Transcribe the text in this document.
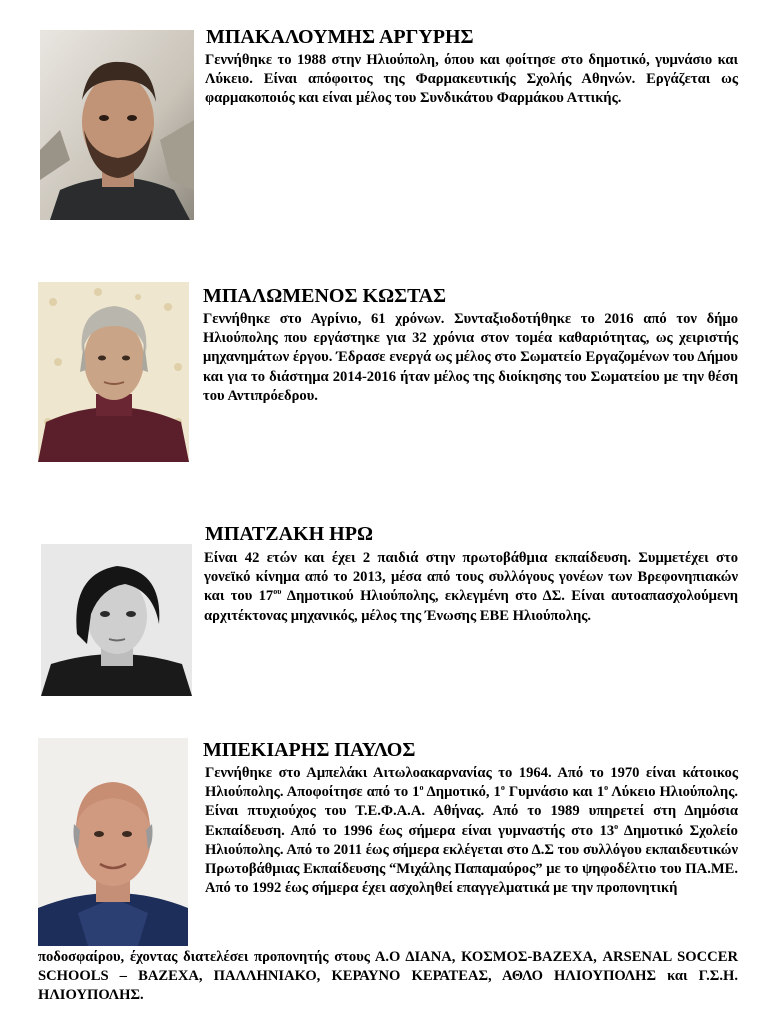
ΜΠΑΚΑΛΟΥΜΗΣ ΑΡΓΥΡΗΣ

Γεννήθηκε το 1988 στην Ηλιούπολη, όπου και φοίτησε στο δημοτικό, γυμνάσιο και Λύκειο. Είναι απόφοιτος της Φαρμακευτικής Σχολής Αθηνών. Εργάζεται ως φαρμακοποιός και είναι μέλος του Συνδικάτου Φαρμάκου Αττικής.

ΜΠΑΛΩΜΕΝΟΣ ΚΩΣΤΑΣ

Γεννήθηκε στο Αγρίνιο, 61 χρόνων. Συνταξιοδοτήθηκε το 2016 από τον δήμο Ηλιούπολης που εργάστηκε για 32 χρόνια στον τομέα καθαριότητας, ως χειριστής μηχανημάτων έργου. Έδρασε ενεργά ως μέλος στο Σωματείο Εργαζομένων του Δήμου και για το διάστημα 2014-2016 ήταν μέλος της διοίκησης του Σωματείου με την θέση του Αντιπρόεδρου.

ΜΠΑΤΖΑΚΗ ΗΡΩ

Είναι 42 ετών και έχει 2 παιδιά στην πρωτοβάθμια εκπαίδευση. Συμμετέχει στο γονεϊκό κίνημα από το 2013, μέσα από τους συλλόγους γονέων των Βρεφονηπιακών και του $17^{o\upsilon}$ Δημοτικού Ηλιούπολης, εκλεγμένη στο ΔΣ. Είναι αυτοαπασχολούμενη αρχιτέκτονας μηχανικός, μέλος της Ένωσης ΕΒΕ Ηλιούπολης.

ΜΠΕΚΙΑΡΗΣ ΠΑΥΛΟΣ

Γεννήθηκε στο Αμπελάκι Αιτωλοακαρνανίας το 1964. Από το 1970 είναι κάτοικος Ηλιούπολης. Αποφοίτησε από το $1^o$ Δημοτικό, $1^o$ Γυμνάσιο και $1^o$ Λύκειο Ηλιούπολης. Είναι πτυχιούχος του Τ.Ε.Φ.Α.Α. Αθήνας. Από το 1989 υπηρετεί στη Δημόσια Εκπαίδευση. Από το 1996 έως σήμερα είναι γυμναστής στο $13^o$ Δημοτικό Σχολείο Ηλιούπολης. Από το 2011 έως σήμερα εκλέγεται στο Δ.Σ του συλλόγου εκπαιδευτικών Πρωτοβάθμιας Εκπαίδευσης “Μιχάλης Παπαμαύρος” με το ψηφοδέλτιο του ΠΑ.ΜΕ. Από το 1992 έως σήμερα έχει ασχοληθεί επαγγελματικά με την προπονητική

ποδοσφαίρου, έχοντας διατελέσει προπονητής στους Α.Ο ΔΙΑΝΑ, ΚΟΣΜΟΣ-ΒΑΖΕΧΑ, ARSENAL SOCCER SCHOOLS – ΒΑΖΕΧΑ, ΠΑΛΛΗΝΙΑΚΟ, ΚΕΡΑΥΝΟ ΚΕΡΑΤΕΑΣ, ΑΘΛΟ ΗΛΙΟΥΠΟΛΗΣ και Γ.Σ.Η. ΗΛΙΟΥΠΟΛΗΣ.
